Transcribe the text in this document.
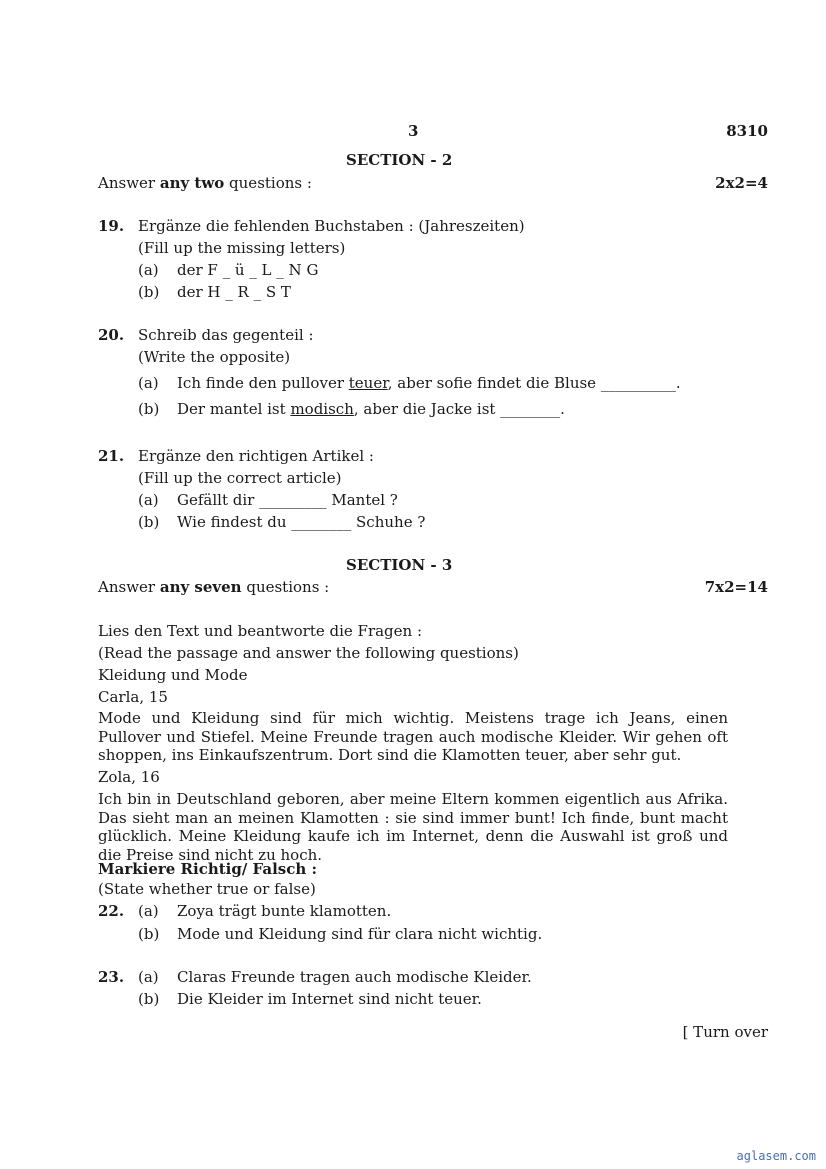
3	8310
SECTION - 2
Answer any two questions :	2x2=4
19. Ergänze die fehlenden Buchstaben : (Jahreszeiten)
(Fill up the missing letters)
(a) der F _ ü _ L _ N G
(b) der H _ R _ S T
20. Schreib das gegenteil :
(Write the opposite)
(a) Ich finde den pullover teuer, aber sofie findet die Bluse __________.
(b) Der mantel ist modisch, aber die Jacke ist ________.
21. Ergänze den richtigen Artikel :
(Fill up the correct article)
(a) Gefällt dir _________ Mantel ?
(b) Wie findest du ________ Schuhe ?
SECTION - 3
Answer any seven questions :	7x2=14
Lies den Text und beantworte die Fragen :
(Read the passage and answer the following questions)
Kleidung und Mode
Carla, 15
Mode und Kleidung sind für mich wichtig. Meistens trage ich Jeans, einen Pullover und Stiefel. Meine Freunde tragen auch modische Kleider. Wir gehen oft shoppen, ins Einkaufszentrum. Dort sind die Klamotten teuer, aber sehr gut.
Zola, 16
Ich bin in Deutschland geboren, aber meine Eltern kommen eigentlich aus Afrika. Das sieht man an meinen Klamotten : sie sind immer bunt! Ich finde, bunt macht glücklich. Meine Kleidung kaufe ich im Internet, denn die Auswahl ist groß und die Preise sind nicht zu hoch.
Markiere Richtig/ Falsch :
(State whether true or false)
22. (a) Zoya trägt bunte klamotten.
(b) Mode und Kleidung sind für clara nicht wichtig.
23. (a) Claras Freunde tragen auch modische Kleider.
(b) Die Kleider im Internet sind nicht teuer.
[ Turn over
aglasem.com
